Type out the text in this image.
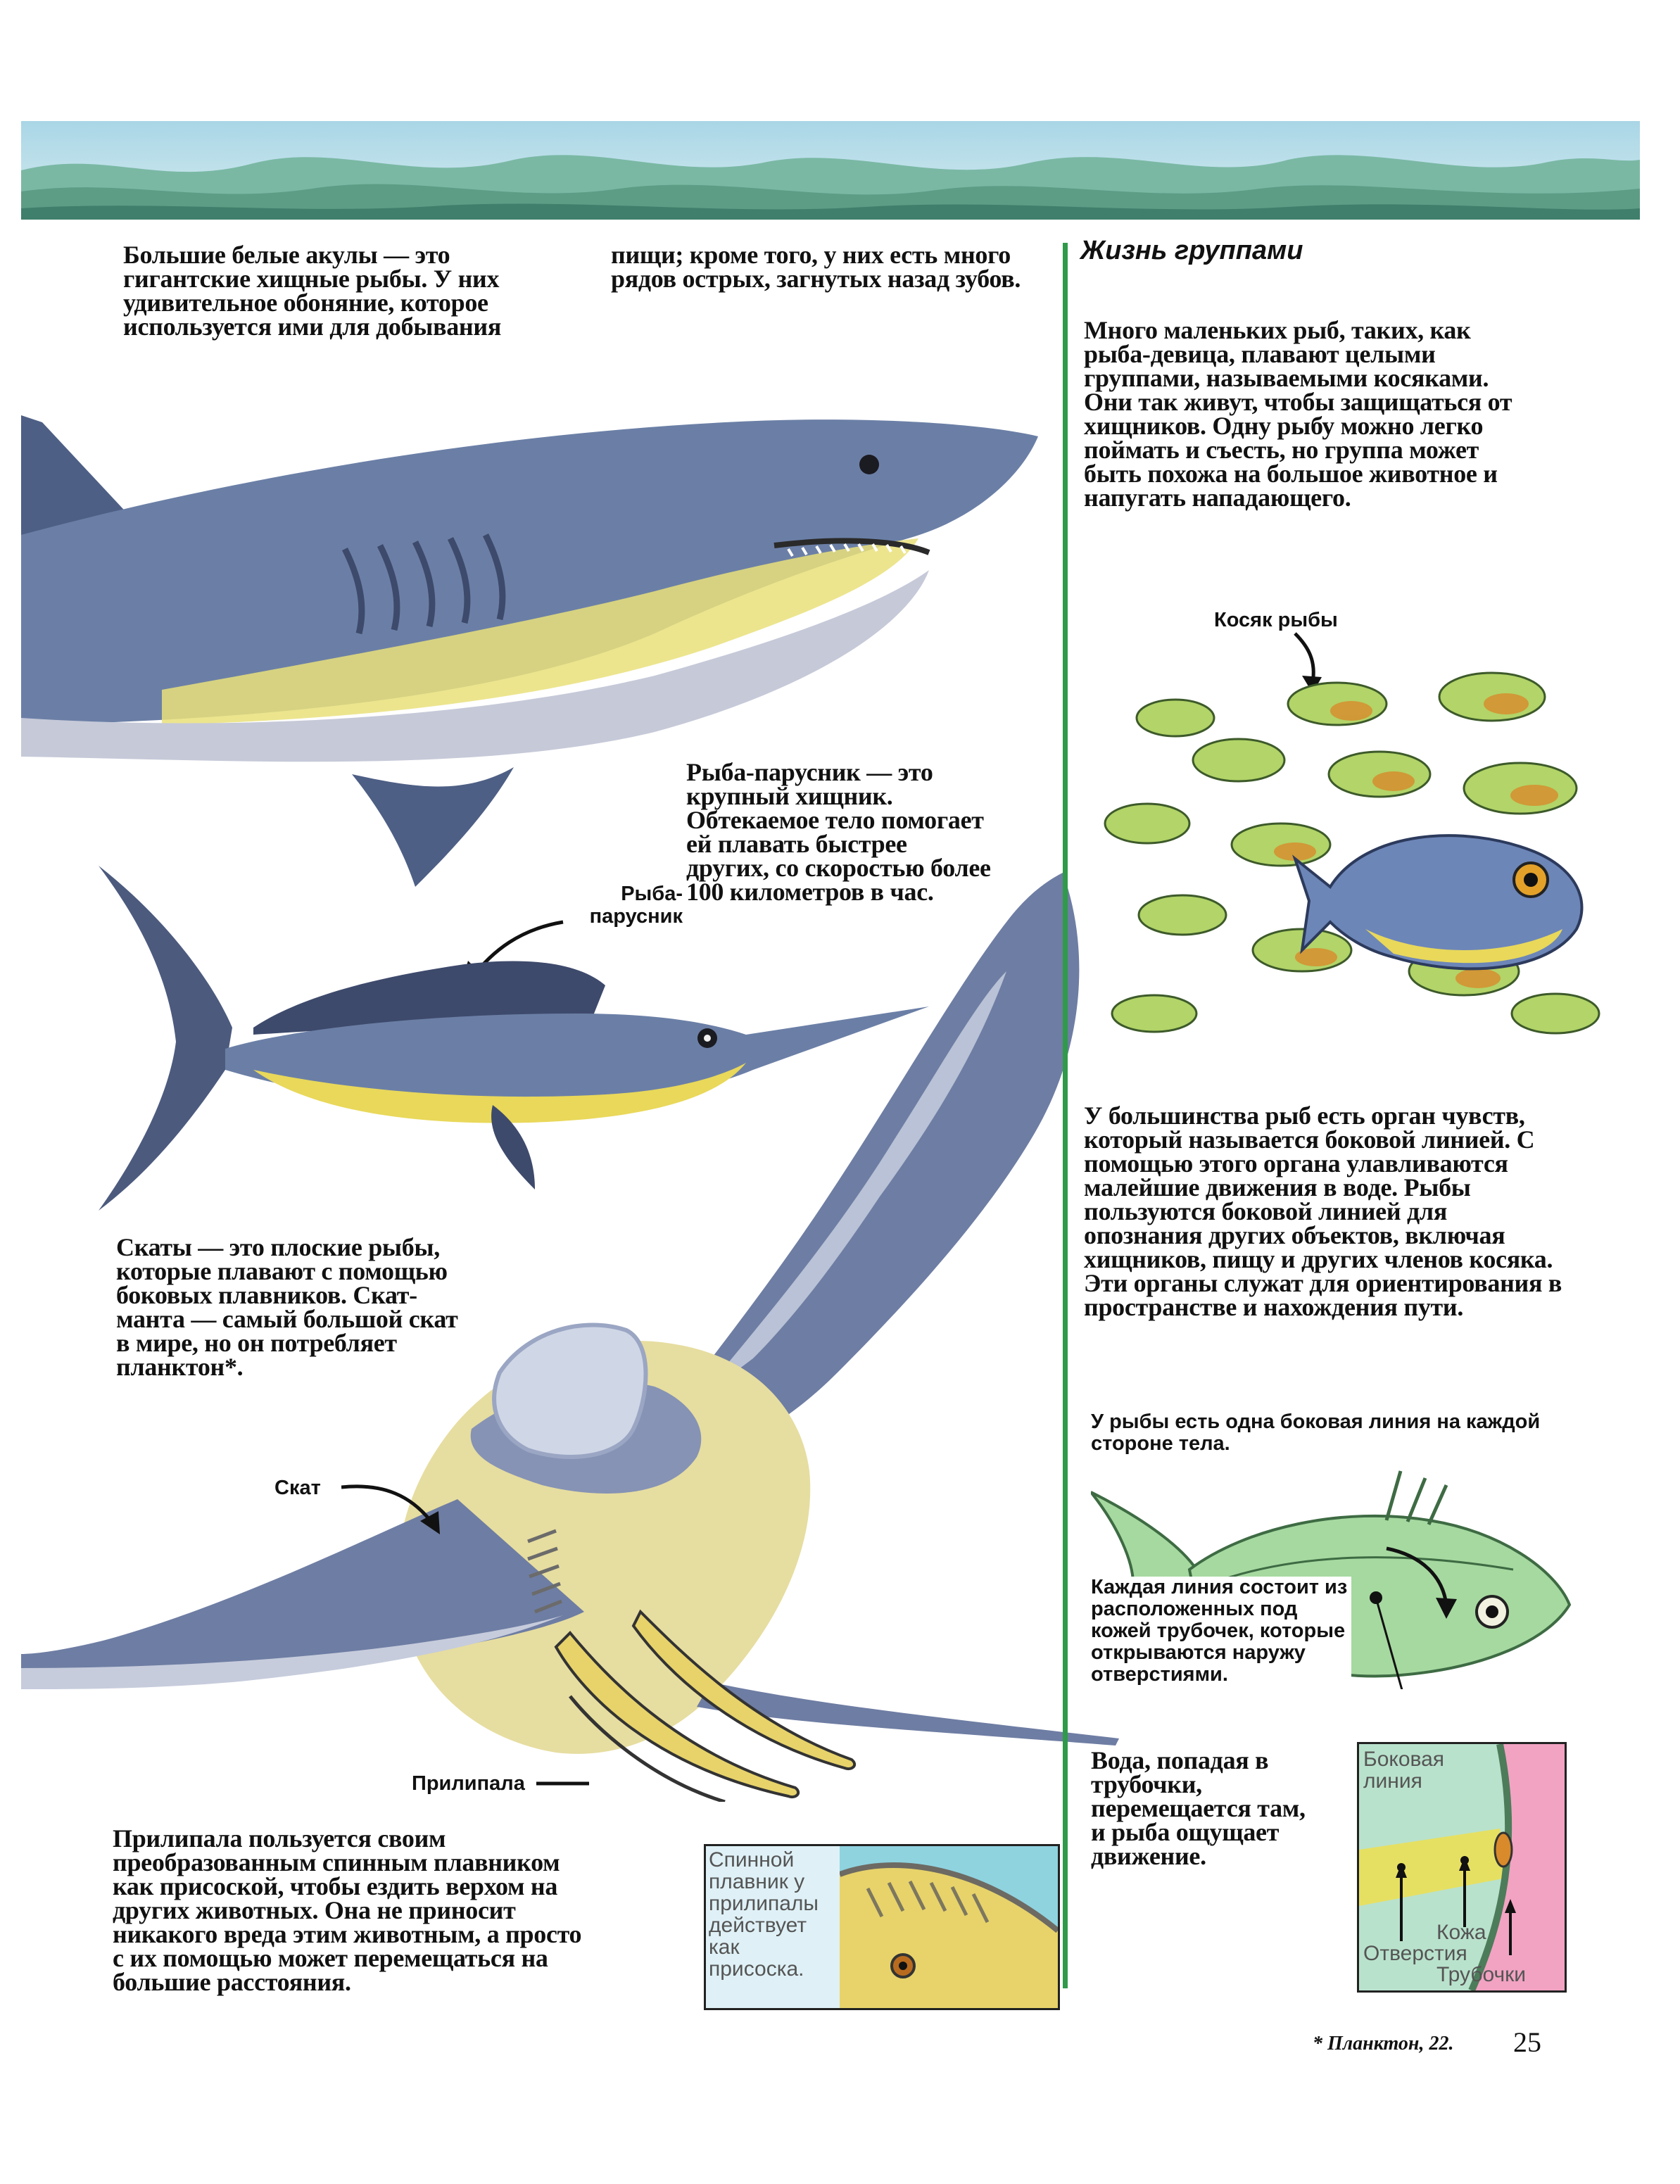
Большие белые акулы — это гигантские хищные рыбы. У них удивительное обоняние, которое используется ими для добывания
пищи; кроме того, у них есть много рядов острых, загнутых назад зубов.
Рыба-парусник — это крупный хищник. Обтекаемое тело помогает ей плавать быстрее других, со скоростью более 100 километров в час.
Рыба-
парусник
Скаты — это плоские рыбы, которые плавают с помощью боковых плавников. Скат-манта — самый большой скат в мире, но он потребляет планктон*.
Скат
Прилипала
Прилипала пользуется своим преобразованным спинным плавником как присоской, чтобы ездить верхом на других животных. Она не приносит никакого вреда этим животным, а просто с их помощью может перемещаться на большие расстояния.
Спинной плавник у прилипалы действует как присоска.
Жизнь группами
Много маленьких рыб, таких, как рыба-девица, плавают целыми группами, называемыми косяками. Они так живут, чтобы защищаться от хищников. Одну рыбу можно легко поймать и съесть, но группа может быть похожа на большое животное и напугать нападающего.
Косяк рыбы
У большинства рыб есть орган чувств, который называется боковой линией. С помощью этого органа улавливаются малейшие движения в воде. Рыбы пользуются боковой линией для опознания других объектов, включая хищников, пищу и других членов косяка. Эти органы служат для ориентирования в пространстве и нахождения пути.
У рыбы есть одна боковая линия на каждой стороне тела.
Каждая линия состоит из расположенных под кожей трубочек, которые открываются наружу отверстиями.
Вода, попадая в трубочки, перемещается там, и рыба ощущает движение.
Боковая линия
Кожа
Отверстия
Трубочки
* Планктон, 22. 25
